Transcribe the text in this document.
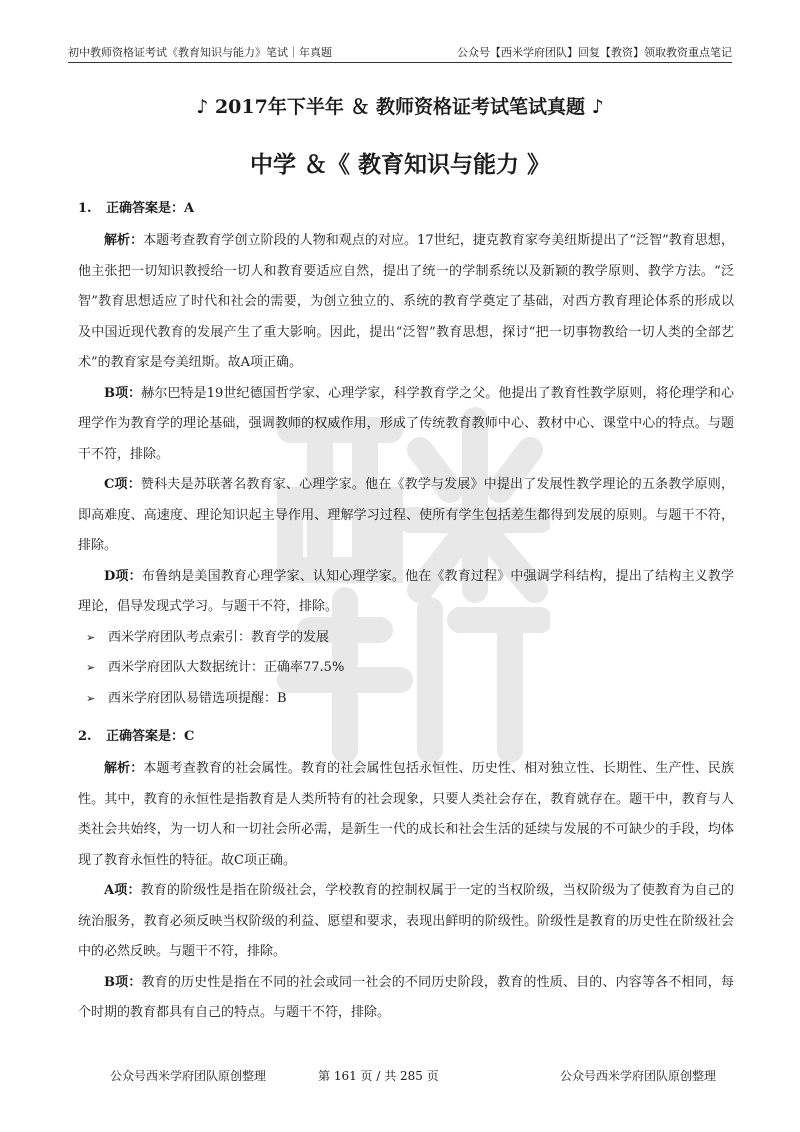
初中教师资格证考试《教育知识与能力》笔试｜年真题	公众号【西米学府团队】回复【教资】领取教资重点笔记
♪ 2017年下半年 ＆ 教师资格证考试笔试真题 ♪
中学 ＆《 教育知识与能力 》
1. 正确答案是：A

解析：本题考查教育学创立阶段的人物和观点的对应。17世纪，捷克教育家夸美纽斯提出了“泛智”教育思想，他主张把一切知识教授给一切人和教育要适应自然，提出了统一的学制系统以及新颖的教学原则、教学方法。“泛智”教育思想适应了时代和社会的需要，为创立独立的、系统的教育学奠定了基础，对西方教育理论体系的形成以及中国近现代教育的发展产生了重大影响。因此，提出“泛智”教育思想，探讨“把一切事物教给一切人类的全部艺术”的教育家是夸美纽斯。故A项正确。

B项：赫尔巴特是19世纪德国哲学家、心理学家，科学教育学之父。他提出了教育性教学原则，将伦理学和心理学作为教育学的理论基础，强调教师的权威作用，形成了传统教育教师中心、教材中心、课堂中心的特点。与题干不符，排除。

C项：赞科夫是苏联著名教育家、心理学家。他在《教学与发展》中提出了发展性教学理论的五条教学原则，即高难度、高速度、理论知识起主导作用、理解学习过程、使所有学生包括差生都得到发展的原则。与题干不符，排除。

D项：布鲁纳是美国教育心理学家、认知心理学家。他在《教育过程》中强调学科结构，提出了结构主义教学理论，倡导发现式学习。与题干不符，排除。

➢ 西米学府团队考点索引：教育学的发展
➢ 西米学府团队大数据统计：正确率77.5%
➢ 西米学府团队易错选项提醒：B
2. 正确答案是：C

解析：本题考查教育的社会属性。教育的社会属性包括永恒性、历史性、相对独立性、长期性、生产性、民族性。其中，教育的永恒性是指教育是人类所特有的社会现象，只要人类社会存在，教育就存在。题干中，教育与人类社会共始终，为一切人和一切社会所必需，是新生一代的成长和社会生活的延续与发展的不可缺少的手段，均体现了教育永恒性的特征。故C项正确。

A项：教育的阶级性是指在阶级社会，学校教育的控制权属于一定的当权阶级，当权阶级为了使教育为自己的统治服务，教育必须反映当权阶级的利益、愿望和要求，表现出鲜明的阶级性。阶级性是教育的历史性在阶级社会中的必然反映。与题干不符，排除。

B项：教育的历史性是指在不同的社会或同一社会的不同历史阶段，教育的性质、目的、内容等各不相同，每个时期的教育都具有自己的特点。与题干不符，排除。

公众号西米学府团队原创整理	第 161 页 / 共 285 页	公众号西米学府团队原创整理
